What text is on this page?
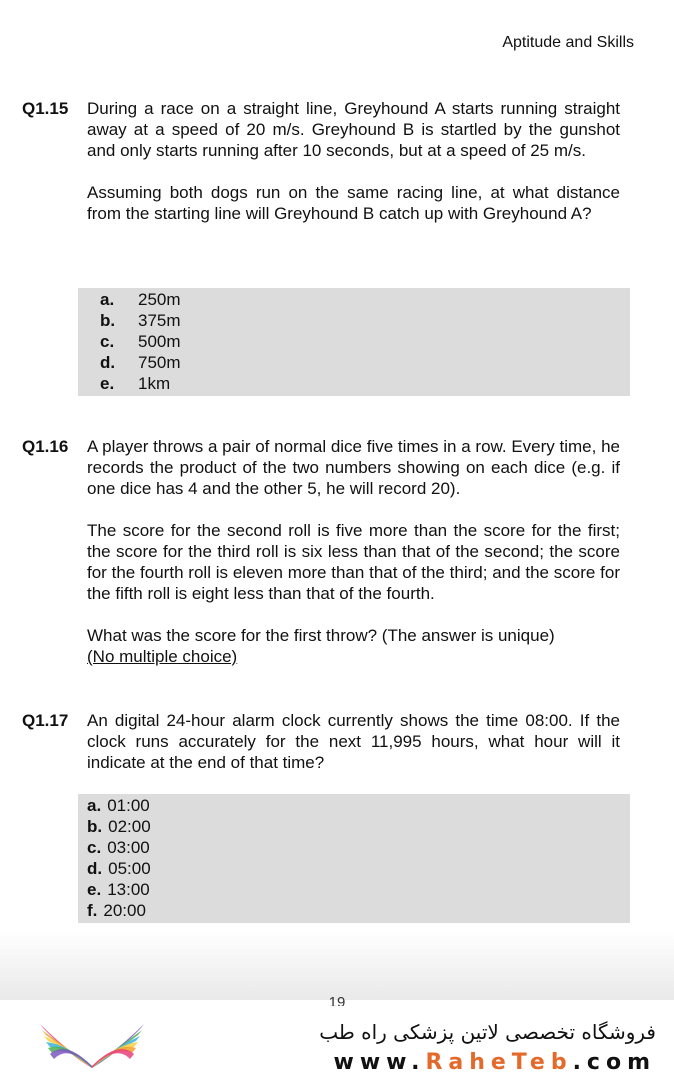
Aptitude and Skills
Q1.15 During a race on a straight line, Greyhound A starts running straight away at a speed of 20 m/s. Greyhound B is startled by the gunshot and only starts running after 10 seconds, but at a speed of 25 m/s.

Assuming both dogs run on the same racing line, at what distance from the starting line will Greyhound B catch up with Greyhound A?

a.	250m
b.	375m
c.	500m
d.	750m
e.	1km
Q1.16 A player throws a pair of normal dice five times in a row. Every time, he records the product of the two numbers showing on each dice (e.g. if one dice has 4 and the other 5, he will record 20).

The score for the second roll is five more than the score for the first; the score for the third roll is six less than that of the second; the score for the fourth roll is eleven more than that of the third; and the score for the fifth roll is eight less than that of the fourth.

What was the score for the first throw? (The answer is unique)

(No multiple choice)

Q1.17 An digital 24-hour alarm clock currently shows the time 08:00. If the clock runs accurately for the next 11,995 hours, what hour will it indicate at the end of that time?

a. 01:00
b. 02:00
c. 03:00
d. 05:00
e. 13:00
f. 20:00
19
فروشگاه تخصصی لاتین پزشکی راه طب
www.RaheTeb.com
